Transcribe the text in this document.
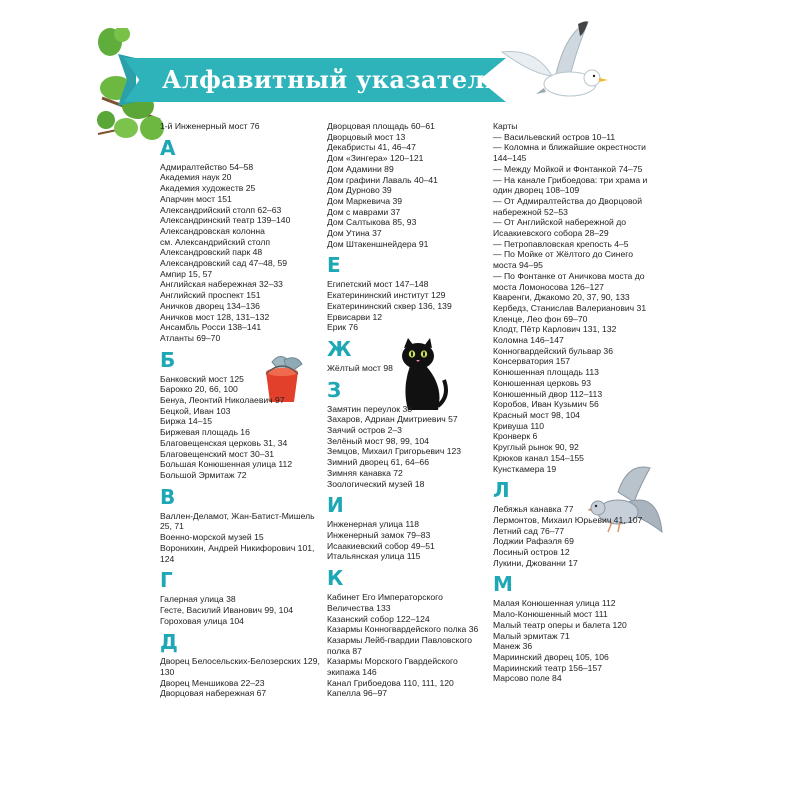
Алфавитный указатель
1-й Инженерный мост 76
А
Адмиралтейство 54–58
Академия наук 20
Академия художеств 25
Апарчин мост 151
Александрийский столп 62–63
Александринский театр 139–140
Александровская колонна
см. Александрийский столп
Александровский парк 48
Александровский сад 47–48, 59
Ампир 15, 57
Английская набережная 32–33
Английский проспект 151
Аничков дворец 134–136
Аничков мост 128, 131–132
Ансамбль Росси 138–141
Атланты 69–70
Б
Банковский мост 125
Барокко 20, 66, 100
Бенуа, Леонтий Николаевич 97
Бецкой, Иван 103
Биржа 14–15
Биржевая площадь 16
Благовещенская церковь 31, 34
Благовещенский мост 30–31
Большая Конюшенная улица 112
Большой Эрмитаж 72
В
Валлен-Деламот, Жан-Батист-Мишель 25, 71
Военно-морской музей 15
Воронихин, Андрей Никифорович 101, 124
Г
Галерная улица 38
Гесте, Василий Иванович 99, 104
Гороховая улица 104
Д
Дворец Белосельских-Белозерских 129, 130
Дворец Меншикова 22–23
Дворцовая набережная 67
Дворцовая площадь 60–61
Дворцовый мост 13
Декабристы 41, 46–47
Дом «Зингера» 120–121
Дом Адамини 89
Дом графини Лаваль 40–41
Дом Дурново 39
Дом Маркевича 39
Дом с маврами 37
Дом Салтыкова 85, 93
Дом Утина 37
Дом Штакеншнейдера 91
Е
Египетский мост 147–148
Екатерининский институт 129
Екатерининский сквер 136, 139
Ервисарви 12
Ерик 76
Ж
Жёлтый мост 98
З
Замятин переулок 38
Захаров, Адриан Дмитриевич 57
Заячий остров 2–3
Зелёный мост 98, 99, 104
Земцов, Михаил Григорьевич 123
Зимний дворец 61, 64–66
Зимняя канавка 72
Зоологический музей 18
И
Инженерная улица 118
Инженерный замок 79–83
Исаакиевский собор 49–51
Итальянская улица 115
К
Кабинет Его Императорского Величества 133
Казанский собор 122–124
Казармы Конногвардейского полка 36
Казармы Лейб-гвардии Павловского полка 87
Казармы Морского Гвардейского экипажа 146
Канал Грибоедова 110, 111, 120
Капелла 96–97
Карты
— Васильевский остров 10–11
— Коломна и ближайшие окрестности 144–145
— Между Мойкой и Фонтанкой 74–75
— На канале Грибоедова: три храма и один дворец 108–109
— От Адмиралтейства до Дворцовой набережной 52–53
— От Английской набережной до Исаакиевского собора 28–29
— Петропавловская крепость 4–5
— По Мойке от Жёлтого до Синего моста 94–95
— По Фонтанке от Аничкова моста до моста Ломоносова 126–127
Кваренги, Джакомо 20, 37, 90, 133
Кербедз, Станислав Валерианович 31
Кленце, Лео фон 69–70
Клодт, Пётр Карлович 131, 132
Коломна 146–147
Конногвардейский бульвар 36
Консерватория 157
Конюшенная площадь 113
Конюшенная церковь 93
Конюшенный двор 112–113
Коробов, Иван Кузьмич 56
Красный мост 98, 104
Кривуша 110
Кронверк 6
Круглый рынок 90, 92
Крюков канал 154–155
Кунсткамера 19
Л
Лебяжья канавка 77
Лермонтов, Михаил Юрьевич 41, 107
Летний сад 76–77
Лоджии Рафаэля 69
Лосиный остров 12
Лукини, Джованни 17
М
Малая Конюшенная улица 112
Мало-Конюшенный мост 111
Малый театр оперы и балета 120
Малый эрмитаж 71
Манеж 36
Мариинский дворец 105, 106
Мариинский театр 156–157
Марсово поле 84
